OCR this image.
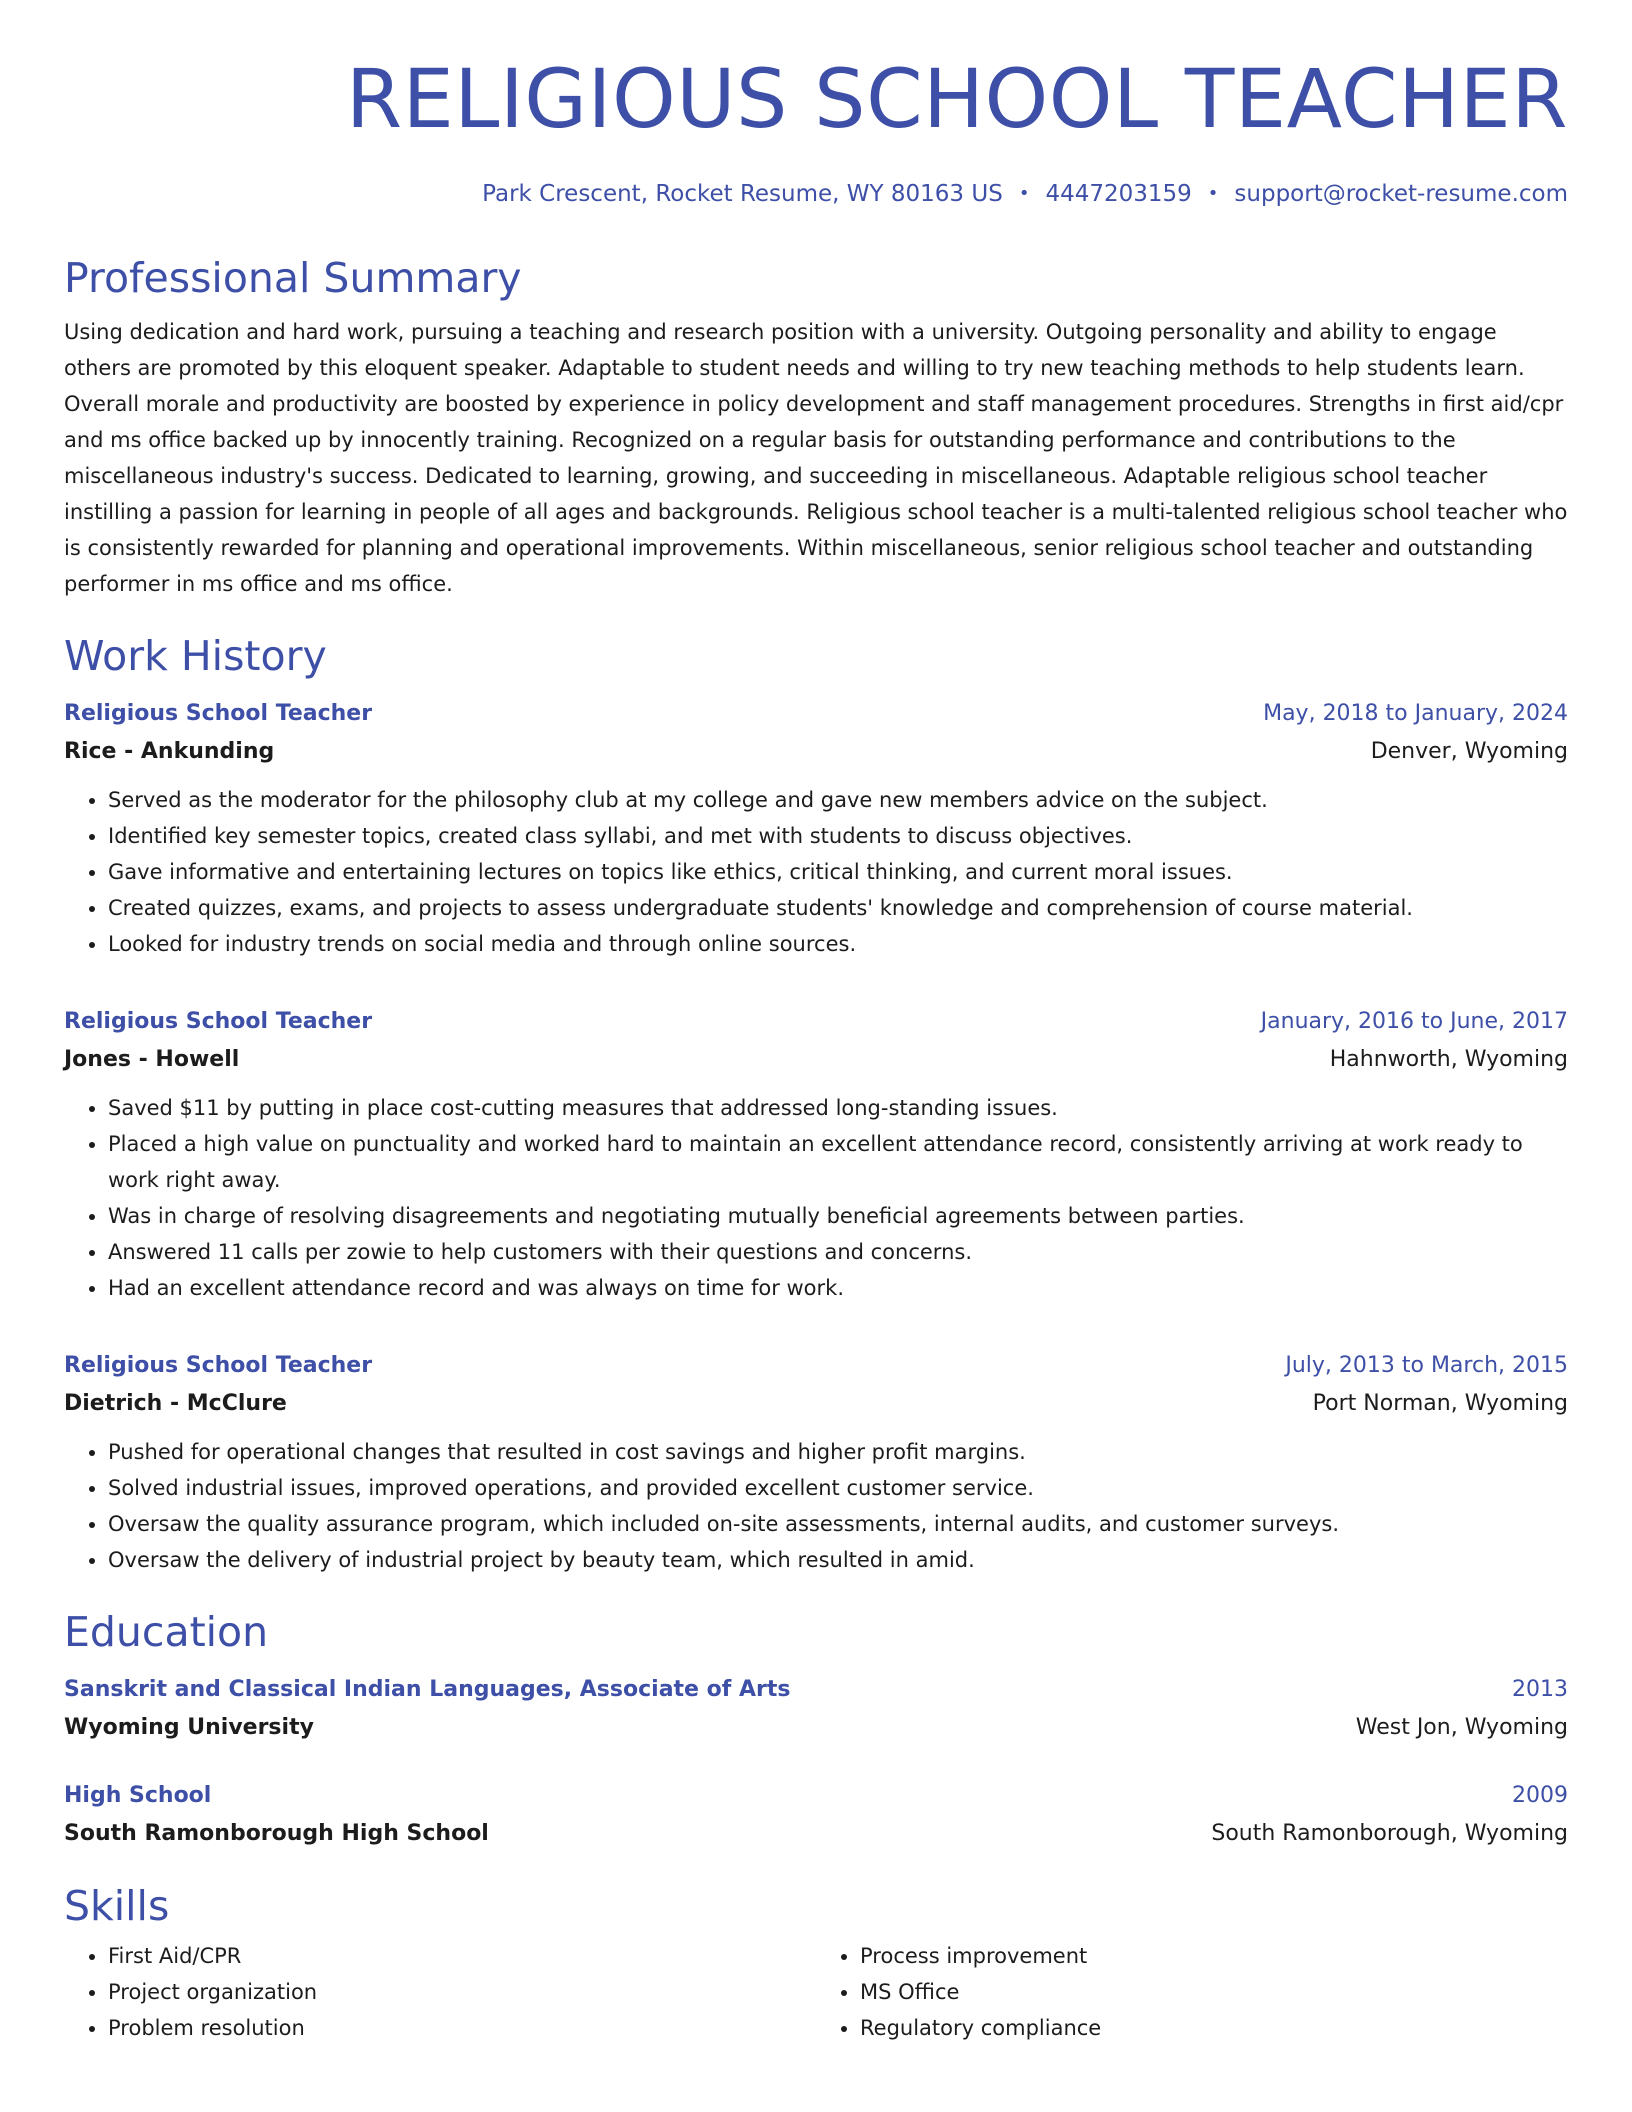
RELIGIOUS SCHOOL TEACHER
Park Crescent, Rocket Resume, WY 80163 US • 4447203159 • support@rocket-resume.com
Professional Summary
Using dedication and hard work, pursuing a teaching and research position with a university. Outgoing personality and ability to engage others are promoted by this eloquent speaker. Adaptable to student needs and willing to try new teaching methods to help students learn. Overall morale and productivity are boosted by experience in policy development and staff management procedures. Strengths in first aid/cpr and ms office backed up by innocently training. Recognized on a regular basis for outstanding performance and contributions to the miscellaneous industry's success. Dedicated to learning, growing, and succeeding in miscellaneous. Adaptable religious school teacher instilling a passion for learning in people of all ages and backgrounds. Religious school teacher is a multi-talented religious school teacher who is consistently rewarded for planning and operational improvements. Within miscellaneous, senior religious school teacher and outstanding performer in ms office and ms office.
Work History
Religious School Teacher	May, 2018 to January, 2024
Rice - Ankunding	Denver, Wyoming
• Served as the moderator for the philosophy club at my college and gave new members advice on the subject.
• Identified key semester topics, created class syllabi, and met with students to discuss objectives.
• Gave informative and entertaining lectures on topics like ethics, critical thinking, and current moral issues.
• Created quizzes, exams, and projects to assess undergraduate students' knowledge and comprehension of course material.
• Looked for industry trends on social media and through online sources.
Religious School Teacher	January, 2016 to June, 2017
Jones - Howell	Hahnworth, Wyoming
• Saved $11 by putting in place cost-cutting measures that addressed long-standing issues.
• Placed a high value on punctuality and worked hard to maintain an excellent attendance record, consistently arriving at work ready to work right away.
• Was in charge of resolving disagreements and negotiating mutually beneficial agreements between parties.
• Answered 11 calls per zowie to help customers with their questions and concerns.
• Had an excellent attendance record and was always on time for work.
Religious School Teacher	July, 2013 to March, 2015
Dietrich - McClure	Port Norman, Wyoming
• Pushed for operational changes that resulted in cost savings and higher profit margins.
• Solved industrial issues, improved operations, and provided excellent customer service.
• Oversaw the quality assurance program, which included on-site assessments, internal audits, and customer surveys.
• Oversaw the delivery of industrial project by beauty team, which resulted in amid.
Education
Sanskrit and Classical Indian Languages, Associate of Arts	2013
Wyoming University	West Jon, Wyoming
High School	2009
South Ramonborough High School	South Ramonborough, Wyoming
Skills
• First Aid/CPR
• Project organization
• Problem resolution
• Process improvement
• MS Office
• Regulatory compliance
